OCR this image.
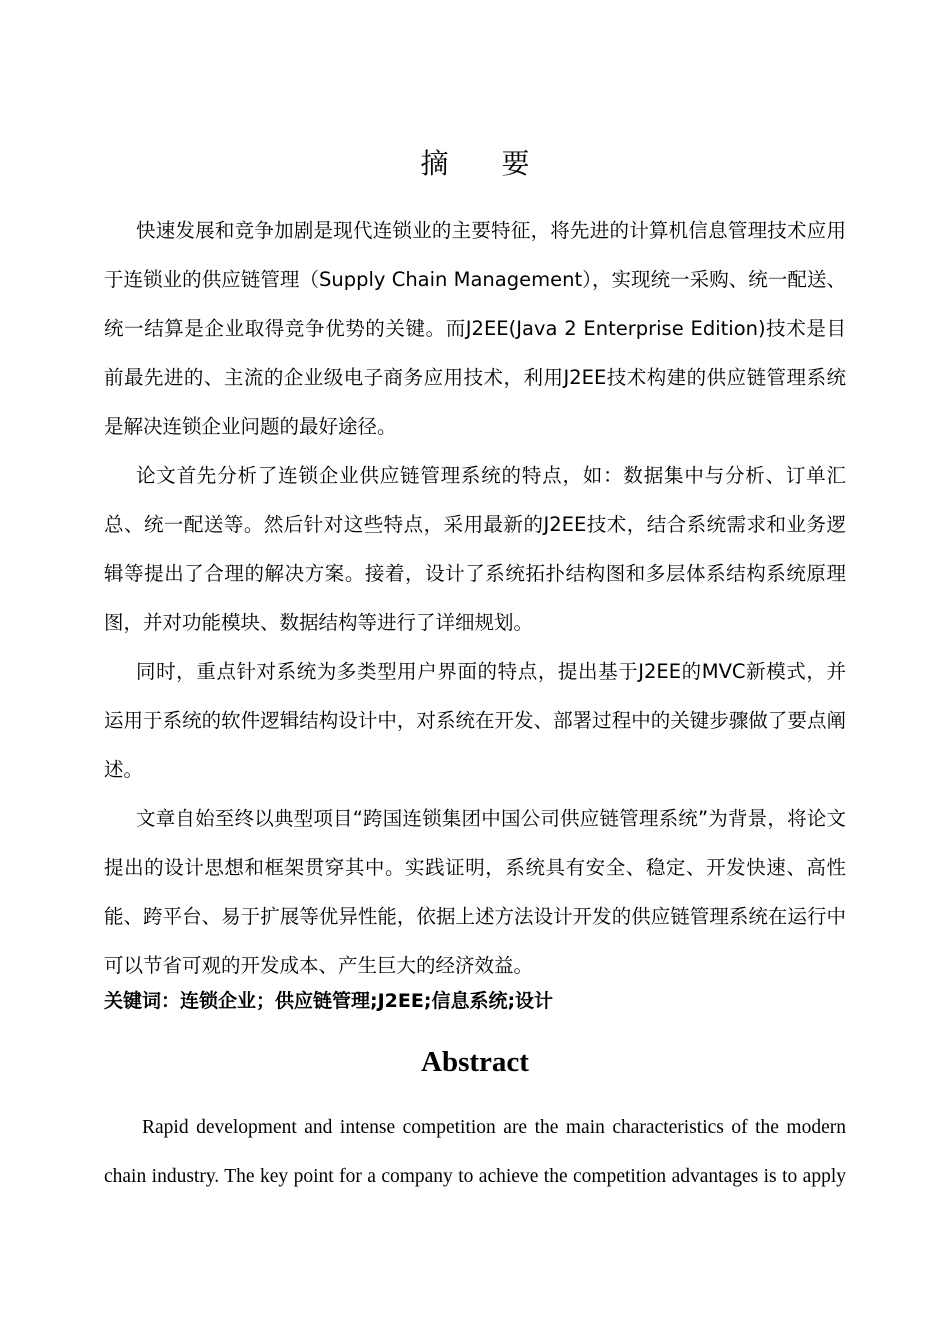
摘 要

快速发展和竞争加剧是现代连锁业的主要特征，将先进的计算机信息管理技术应用于连锁业的供应链管理（Supply Chain Management），实现统一采购、统一配送、统一结算是企业取得竞争优势的关键。而J2EE(Java 2 Enterprise Edition)技术是目前最先进的、主流的企业级电子商务应用技术，利用J2EE技术构建的供应链管理系统是解决连锁企业问题的最好途径。

论文首先分析了连锁企业供应链管理系统的特点，如：数据集中与分析、订单汇总、统一配送等。然后针对这些特点，采用最新的J2EE技术，结合系统需求和业务逻辑等提出了合理的解决方案。接着，设计了系统拓扑结构图和多层体系结构系统原理图，并对功能模块、数据结构等进行了详细规划。

同时，重点针对系统为多类型用户界面的特点，提出基于J2EE的MVC新模式，并运用于系统的软件逻辑结构设计中，对系统在开发、部署过程中的关键步骤做了要点阐述。

文章自始至终以典型项目“跨国连锁集团中国公司供应链管理系统”为背景，将论文提出的设计思想和框架贯穿其中。实践证明，系统具有安全、稳定、开发快速、高性能、跨平台、易于扩展等优异性能，依据上述方法设计开发的供应链管理系统在运行中可以节省可观的开发成本、产生巨大的经济效益。

关键词：连锁企业；供应链管理;J2EE;信息系统;设计
Abstract

Rapid development and intense competition are the main characteristics of the modern chain industry. The key point for a company to achieve the competition advantages is to apply
